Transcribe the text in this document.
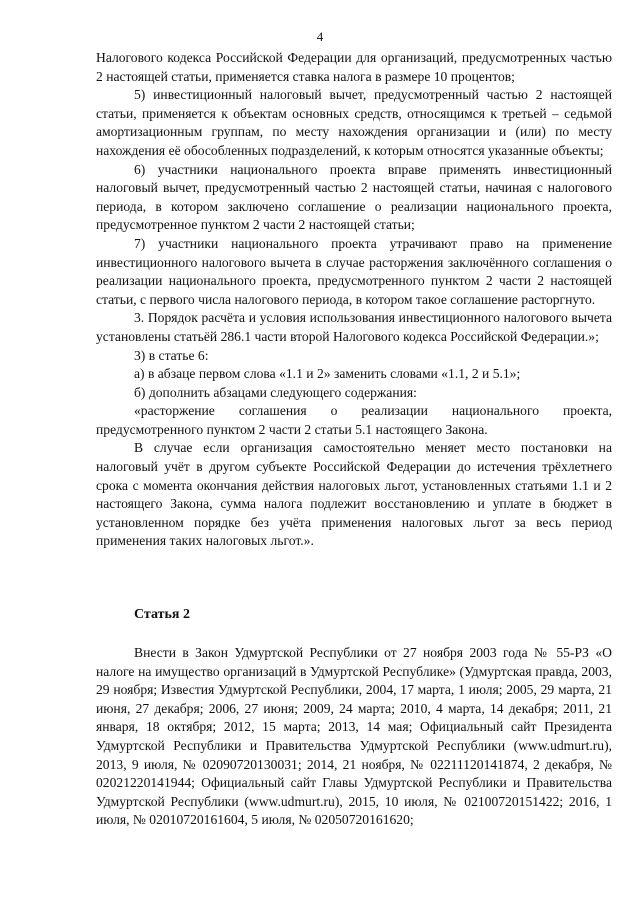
4

Налогового кодекса Российской Федерации для организаций, предусмотренных частью 2 настоящей статьи, применяется ставка налога в размере 10 процентов;

5) инвестиционный налоговый вычет, предусмотренный частью 2 настоящей статьи, применяется к объектам основных средств, относящимся к третьей – седьмой амортизационным группам, по месту нахождения организации и (или) по месту нахождения её обособленных подразделений, к которым относятся указанные объекты;

6) участники национального проекта вправе применять инвестиционный налоговый вычет, предусмотренный частью 2 настоящей статьи, начиная с налогового периода, в котором заключено соглашение о реализации национального проекта, предусмотренное пунктом 2 части 2 настоящей статьи;

7) участники национального проекта утрачивают право на применение инвестиционного налогового вычета в случае расторжения заключённого соглашения о реализации национального проекта, предусмотренного пунктом 2 части 2 настоящей статьи, с первого числа налогового периода, в котором такое соглашение расторгнуто.

3. Порядок расчёта и условия использования инвестиционного налогового вычета установлены статьёй 286.1 части второй Налогового кодекса Российской Федерации.»;

3) в статье 6:

а) в абзаце первом слова «1.1 и 2» заменить словами «1.1, 2 и 5.1»;

б) дополнить абзацами следующего содержания:

«расторжение соглашения о реализации национального проекта, предусмотренного пунктом 2 части 2 статьи 5.1 настоящего Закона.

В случае если организация самостоятельно меняет место постановки на налоговый учёт в другом субъекте Российской Федерации до истечения трёхлетнего срока с момента окончания действия налоговых льгот, установленных статьями 1.1 и 2 настоящего Закона, сумма налога подлежит восстановлению и уплате в бюджет в установленном порядке без учёта применения налоговых льгот за весь период применения таких налоговых льгот.».

Статья 2

Внести в Закон Удмуртской Республики от 27 ноября 2003 года № 55-РЗ «О налоге на имущество организаций в Удмуртской Республике» (Удмуртская правда, 2003, 29 ноября; Известия Удмуртской Республики, 2004, 17 марта, 1 июля; 2005, 29 марта, 21 июня, 27 декабря; 2006, 27 июня; 2009, 24 марта; 2010, 4 марта, 14 декабря; 2011, 21 января, 18 октября; 2012, 15 марта; 2013, 14 мая; Официальный сайт Президента Удмуртской Республики и Правительства Удмуртской Республики (www.udmurt.ru), 2013, 9 июля, № 02090720130031; 2014, 21 ноября, № 02211120141874, 2 декабря, № 02021220141944; Официальный сайт Главы Удмуртской Республики и Правительства Удмуртской Республики (www.udmurt.ru), 2015, 10 июля, № 02100720151422; 2016, 1 июля, № 02010720161604, 5 июля, № 02050720161620;
